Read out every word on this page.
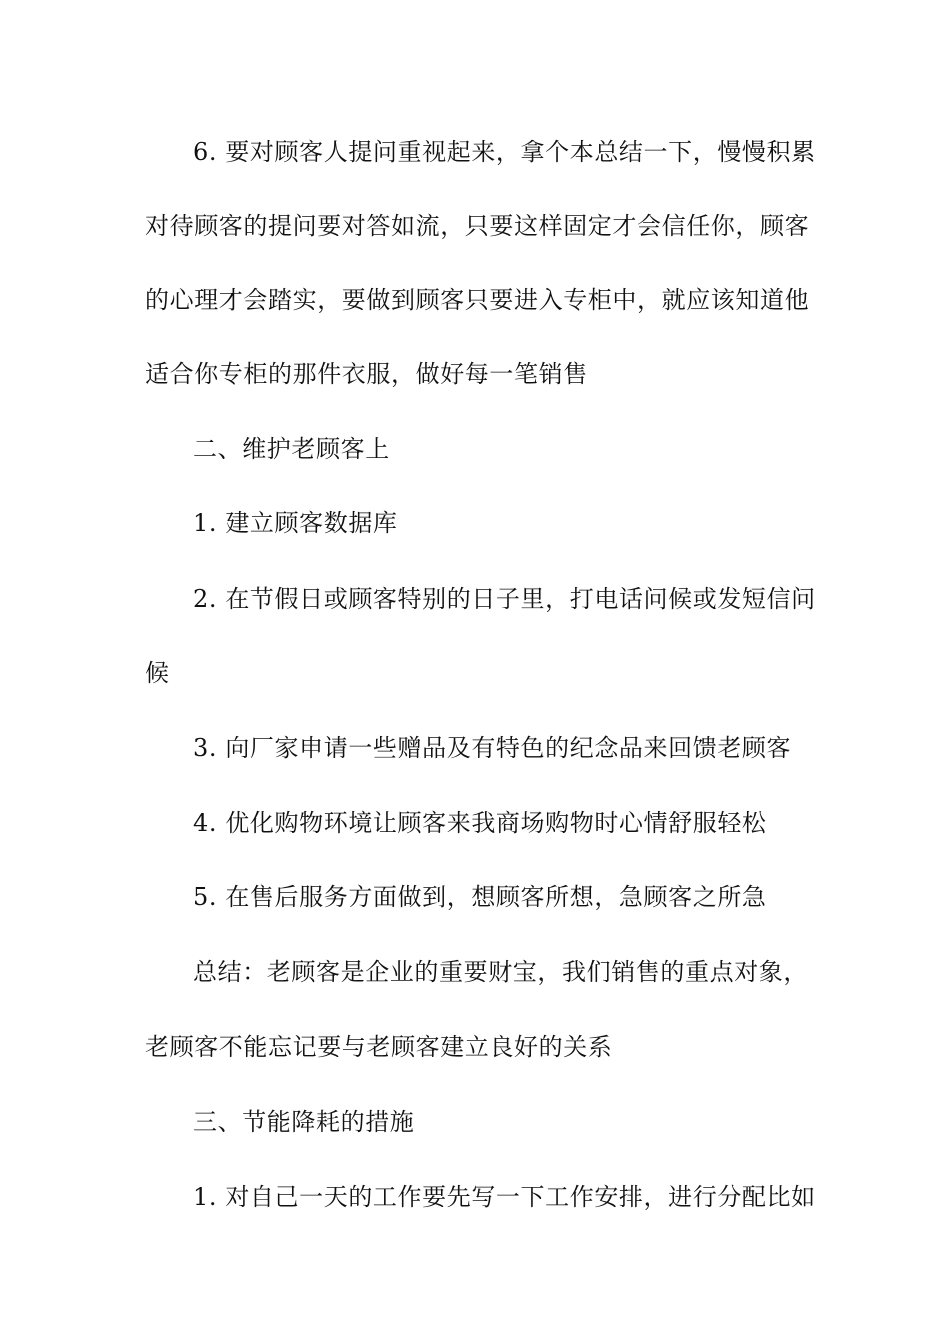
6. 要对顾客人提问重视起来，拿个本总结一下，慢慢积累
对待顾客的提问要对答如流，只要这样固定才会信任你，顾客
的心理才会踏实，要做到顾客只要进入专柜中，就应该知道他
适合你专柜的那件衣服，做好每一笔销售
二、维护老顾客上
1. 建立顾客数据库
2. 在节假日或顾客特别的日子里，打电话问候或发短信问
候
3. 向厂家申请一些赠品及有特色的纪念品来回馈老顾客
4. 优化购物环境让顾客来我商场购物时心情舒服轻松
5. 在售后服务方面做到，想顾客所想，急顾客之所急
总结：老顾客是企业的重要财宝，我们销售的重点对象，
老顾客不能忘记要与老顾客建立良好的关系
三、节能降耗的措施
1. 对自己一天的工作要先写一下工作安排，进行分配比如
